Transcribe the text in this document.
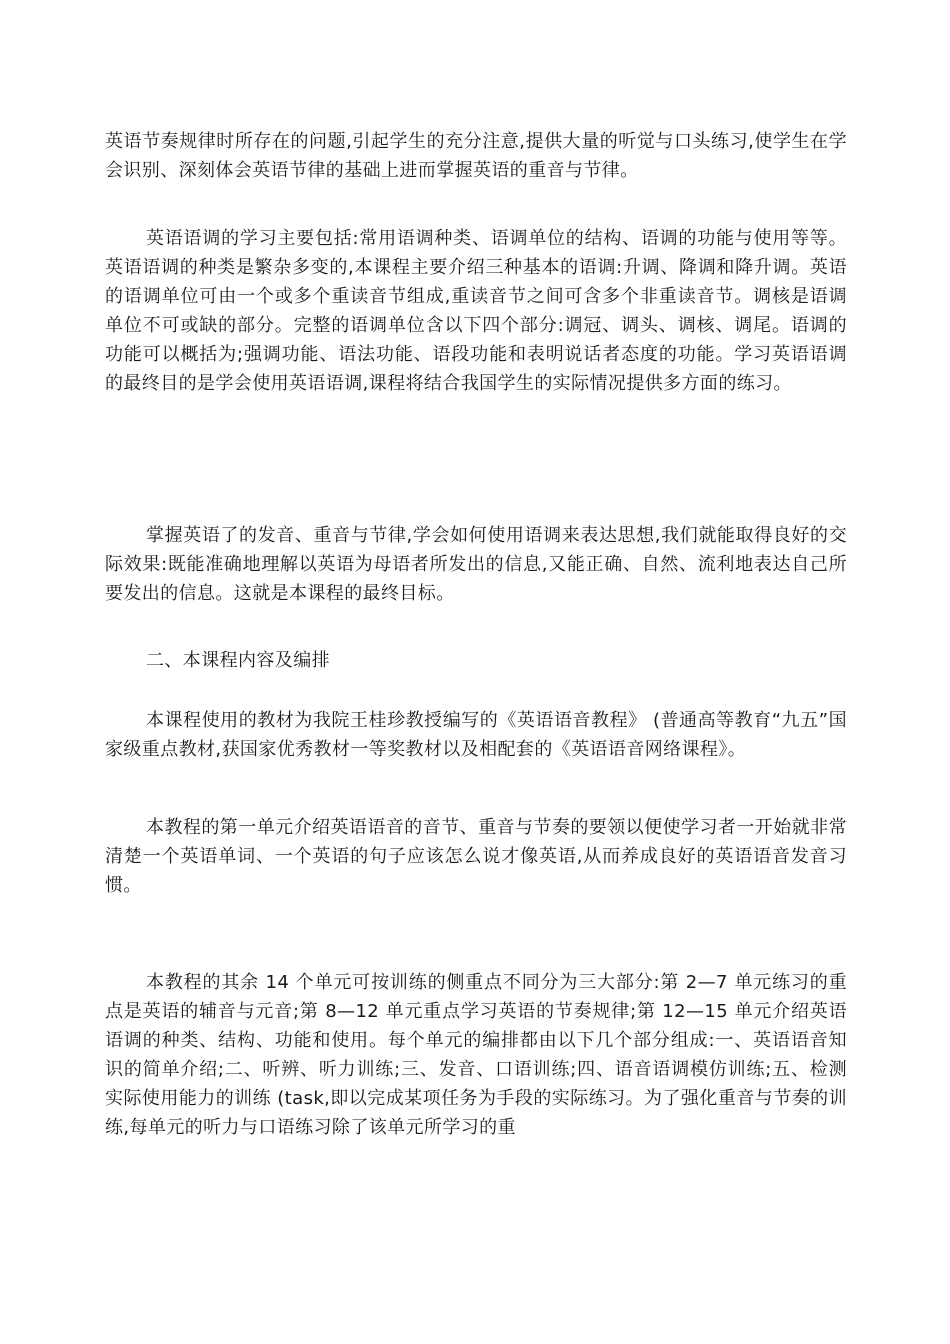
英语节奏规律时所存在的问题,引起学生的充分注意,提供大量的听觉与口头练习,使学生在学会识别、深刻体会英语节律的基础上进而掌握英语的重音与节律。

英语语调的学习主要包括:常用语调种类、语调单位的结构、语调的功能与使用等等。英语语调的种类是繁杂多变的,本课程主要介绍三种基本的语调:升调、降调和降升调。英语的语调单位可由一个或多个重读音节组成,重读音节之间可含多个非重读音节。调核是语调单位不可或缺的部分。完整的语调单位含以下四个部分:调冠、调头、调核、调尾。语调的功能可以概括为;强调功能、语法功能、语段功能和表明说话者态度的功能。学习英语语调的最终目的是学会使用英语语调,课程将结合我国学生的实际情况提供多方面的练习。

掌握英语了的发音、重音与节律,学会如何使用语调来表达思想,我们就能取得良好的交际效果:既能准确地理解以英语为母语者所发出的信息,又能正确、自然、流利地表达自己所要发出的信息。这就是本课程的最终目标。

二、本课程内容及编排

本课程使用的教材为我院王桂珍教授编写的《英语语音教程》 (普通高等教育“九五”国家级重点教材,获国家优秀教材一等奖教材以及相配套的《英语语音网络课程》。

本教程的第一单元介绍英语语音的音节、重音与节奏的要领以便使学习者一开始就非常清楚一个英语单词、一个英语的句子应该怎么说才像英语,从而养成良好的英语语音发音习惯。

本教程的其余 14 个单元可按训练的侧重点不同分为三大部分:第 2—7 单元练习的重点是英语的辅音与元音;第 8—12 单元重点学习英语的节奏规律;第 12—15 单元介绍英语语调的种类、结构、功能和使用。每个单元的编排都由以下几个部分组成:一、英语语音知识的简单介绍;二、听辨、听力训练;三、发音、口语训练;四、语音语调模仿训练;五、检测实际使用能力的训练 (task,即以完成某项任务为手段的实际练习。为了强化重音与节奏的训练,每单元的听力与口语练习除了该单元所学习的重
